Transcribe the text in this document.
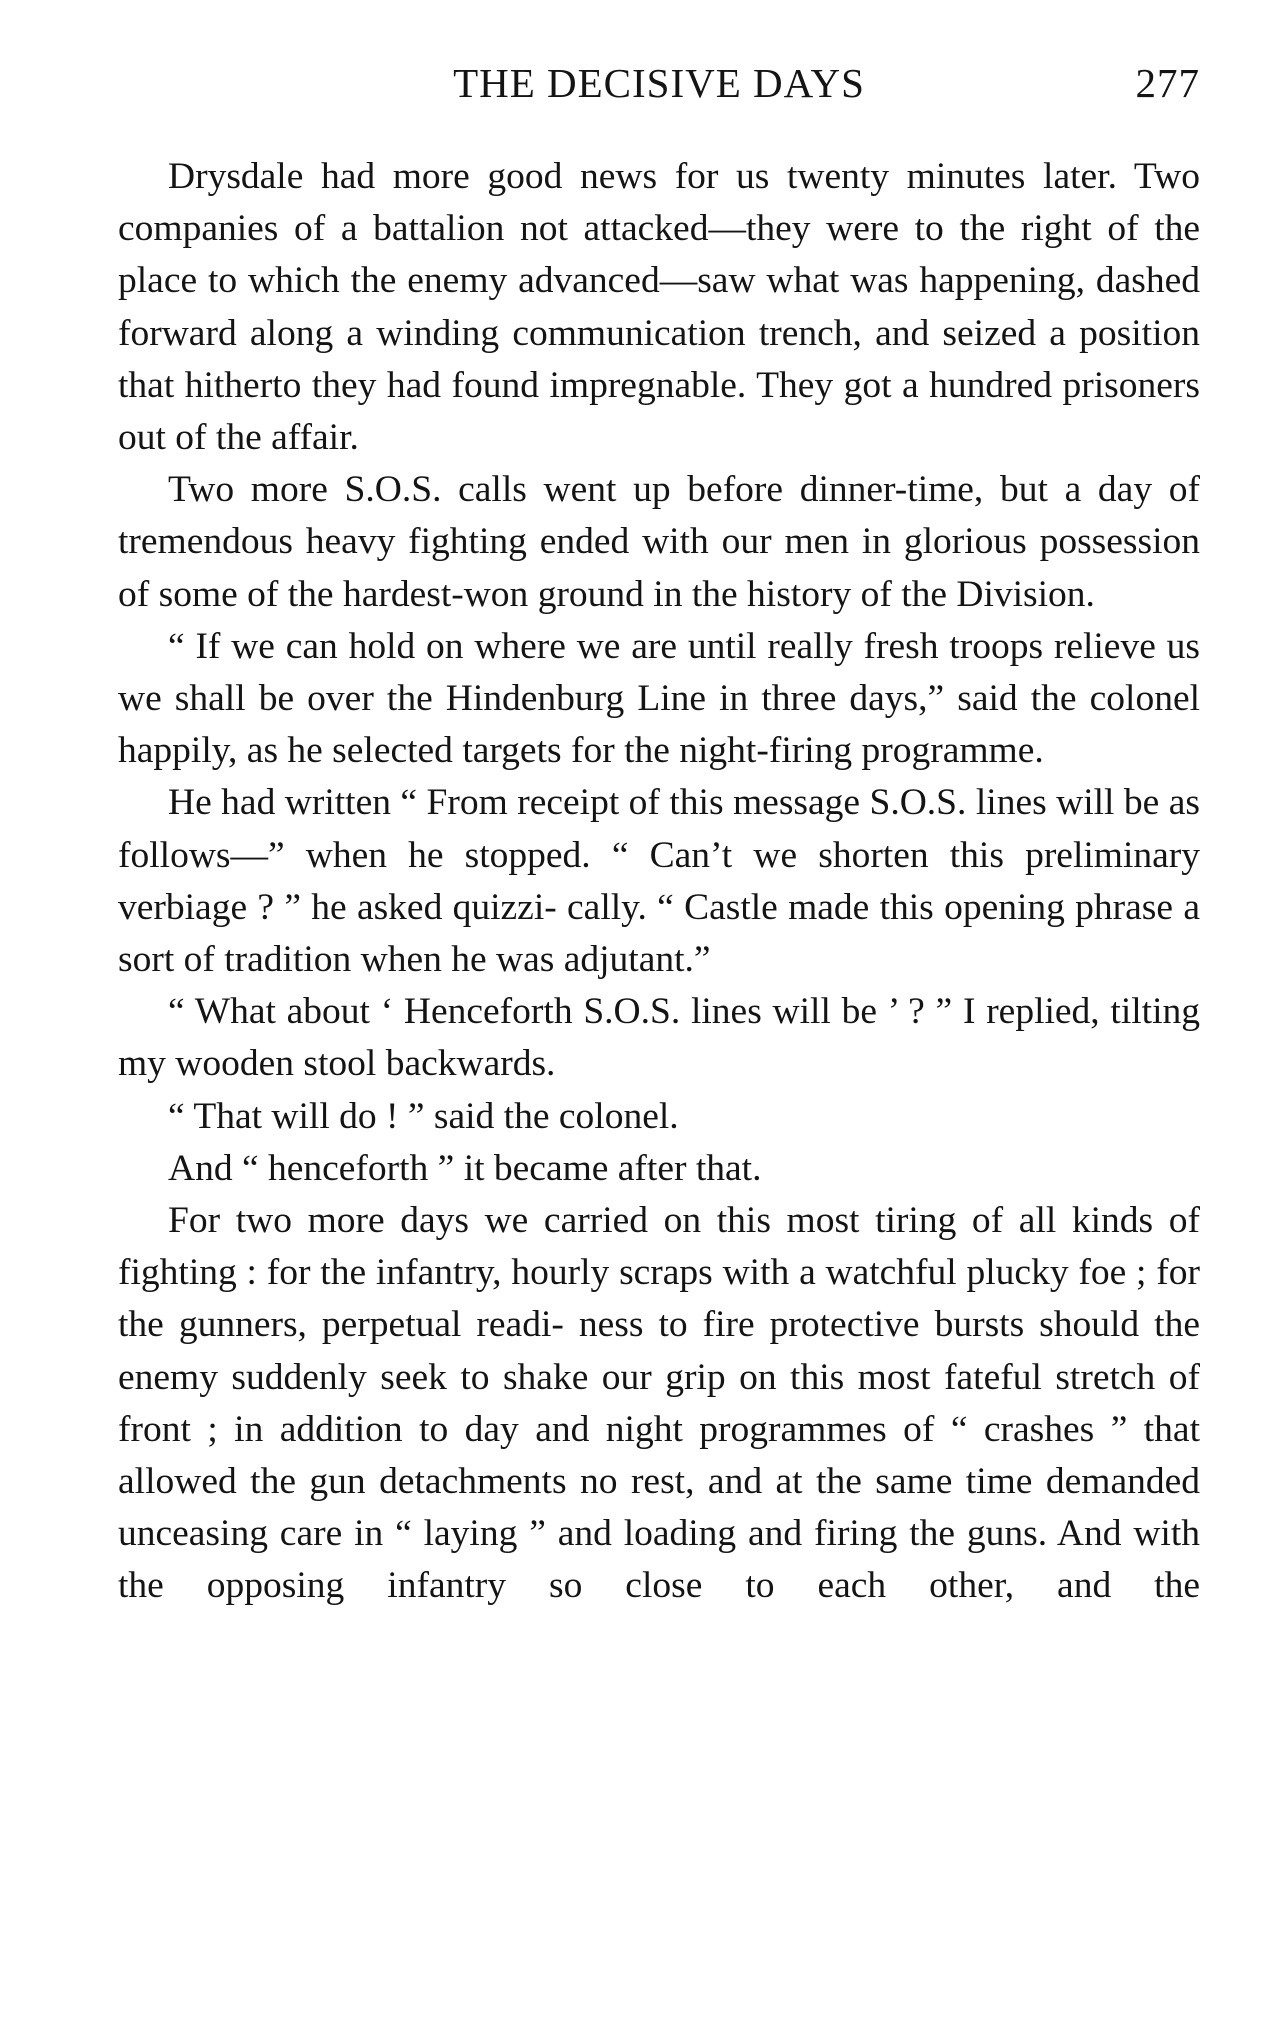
THE DECISIVE DAYS	277

Drysdale had more good news for us twenty minutes later. Two companies of a battalion not attacked—they were to the right of the place to which the enemy advanced—saw what was happening, dashed forward along a winding communication trench, and seized a position that hitherto they had found impregnable. They got a hundred prisoners out of the affair.

Two more S.O.S. calls went up before dinner-time, but a day of tremendous heavy fighting ended with our men in glorious possession of some of the hardest-won ground in the history of the Division.

“ If we can hold on where we are until really fresh troops relieve us we shall be over the Hindenburg Line in three days,” said the colonel happily, as he selected targets for the night-firing programme.

He had written “ From receipt of this message S.O.S. lines will be as follows—” when he stopped. “ Can’t we shorten this preliminary verbiage ? ” he asked quizzi- cally. “ Castle made this opening phrase a sort of tradition when he was adjutant.”

“ What about ‘ Henceforth S.O.S. lines will be ’ ? ” I replied, tilting my wooden stool backwards.

“ That will do ! ” said the colonel.

And “ henceforth ” it became after that.

For two more days we carried on this most tiring of all kinds of fighting : for the infantry, hourly scraps with a watchful plucky foe ; for the gunners, perpetual readi- ness to fire protective bursts should the enemy suddenly seek to shake our grip on this most fateful stretch of front ; in addition to day and night programmes of “ crashes ” that allowed the gun detachments no rest, and at the same time demanded unceasing care in “ laying ” and loading and firing the guns. And with the opposing infantry so close to each other, and the
